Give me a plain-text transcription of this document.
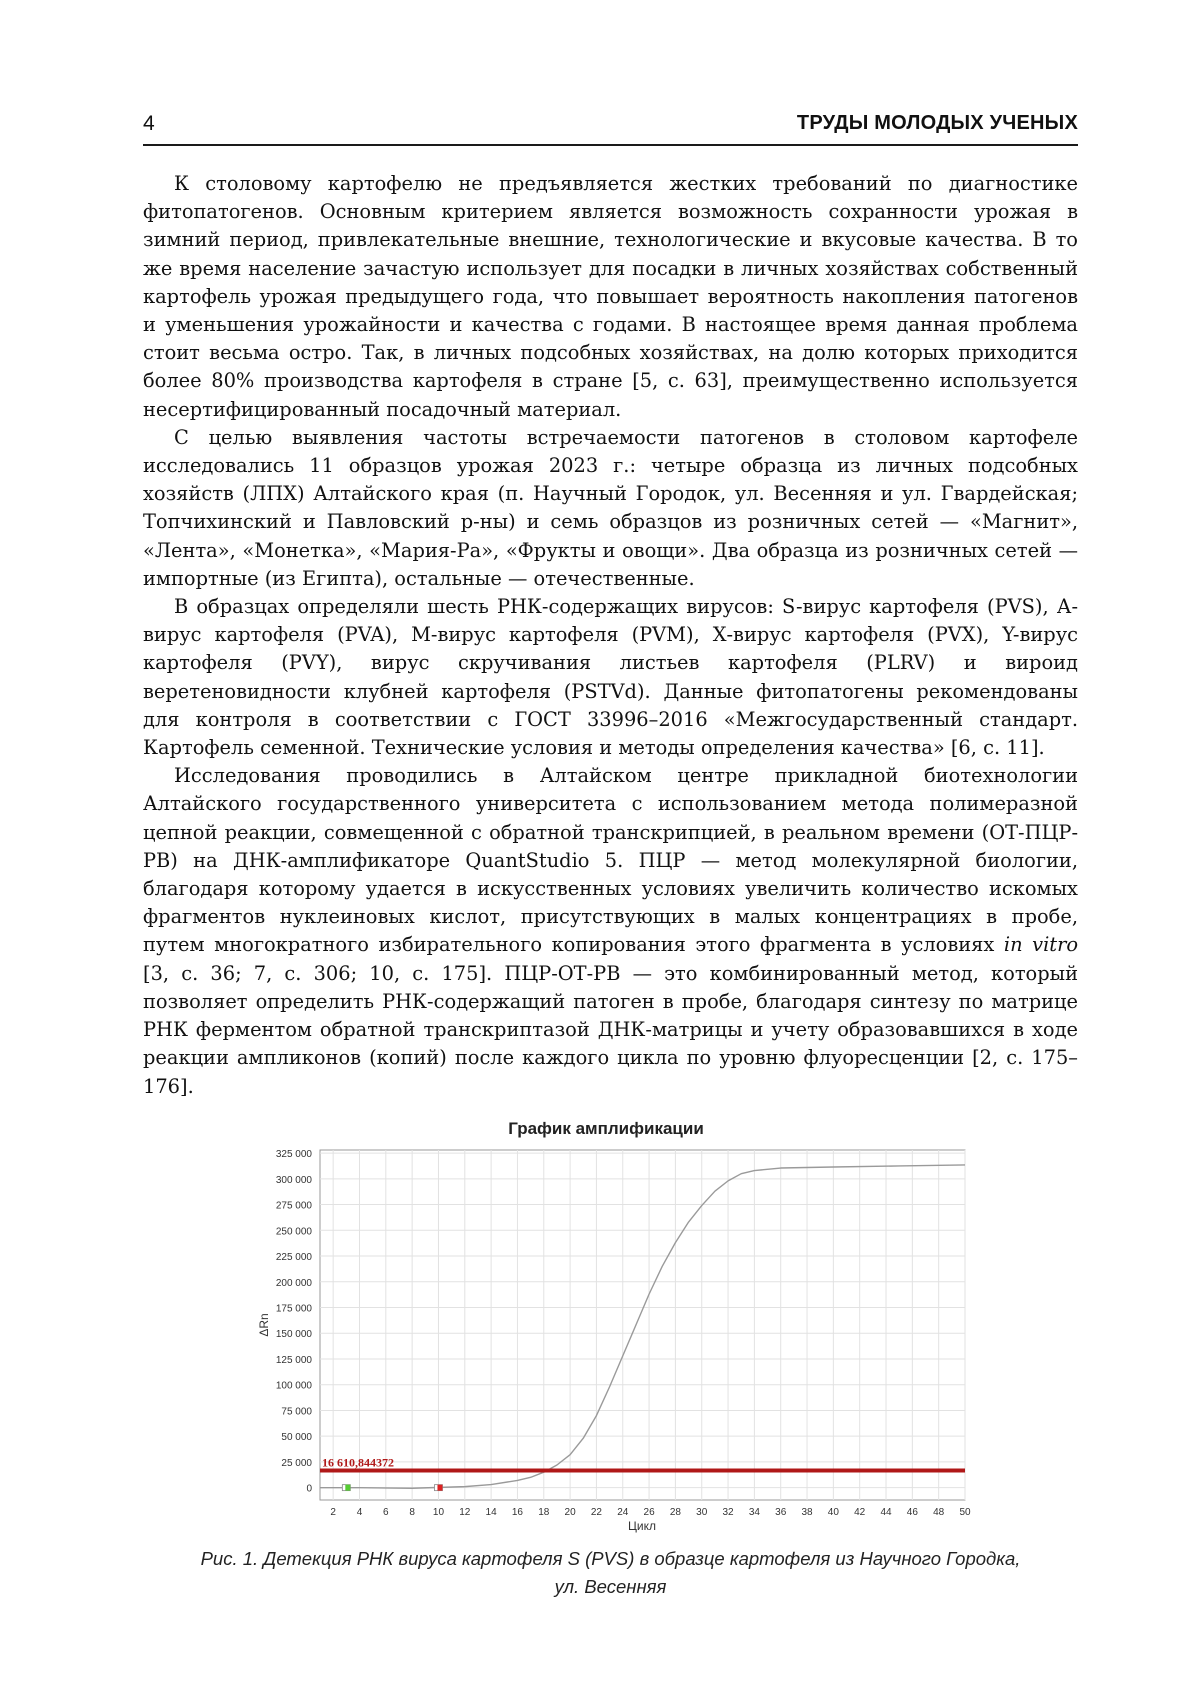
4	ТРУДЫ МОЛОДЫХ УЧЕНЫХ

К столовому картофелю не предъявляется жестких требований по диагностике фитопатогенов. Основным критерием является возможность сохранности урожая в зимний период, привлекательные внешние, технологические и вкусовые качества. В то же время население зачастую использует для посадки в личных хозяйствах собственный картофель урожая предыдущего года, что повышает вероятность накопления патогенов и уменьшения урожайности и качества с годами. В настоящее время данная проблема стоит весьма остро. Так, в личных подсобных хозяйствах, на долю которых приходится более 80% производства картофеля в стране [5, с. 63], преимущественно используется несертифицированный посадочный материал.

С целью выявления частоты встречаемости патогенов в столовом картофеле исследовались 11 образцов урожая 2023 г.: четыре образца из личных подсобных хозяйств (ЛПХ) Алтайского края (п. Научный Городок, ул. Весенняя и ул. Гвардейская; Топчихинский и Павловский р-ны) и семь образцов из розничных сетей — «Магнит», «Лента», «Монетка», «Мария-Ра», «Фрукты и овощи». Два образца из розничных сетей — импортные (из Египта), остальные — отечественные.

В образцах определяли шесть РНК-содержащих вирусов: S-вирус картофеля (PVS), А-вирус картофеля (PVA), М-вирус картофеля (PVM), Х-вирус картофеля (PVX), Y-вирус картофеля (PVY), вирус скручивания листьев картофеля (PLRV) и вироид веретеновидности клубней картофеля (PSTVd). Данные фитопатогены рекомендованы для контроля в соответствии с ГОСТ 33996–2016 «Межгосударственный стандарт. Картофель семенной. Технические условия и методы определения качества» [6, с. 11].

Исследования проводились в Алтайском центре прикладной биотехнологии Алтайского государственного университета с использованием метода полимеразной цепной реакции, совмещенной с обратной транскрипцией, в реальном времени (ОТ-ПЦР-РВ) на ДНК-амплификаторе QuantStudio 5. ПЦР — метод молекулярной биологии, благодаря которому удается в искусственных условиях увеличить количество искомых фрагментов нуклеиновых кислот, присутствующих в малых концентрациях в пробе, путем многократного избирательного копирования этого фрагмента в условиях in vitro [3, с. 36; 7, с. 306; 10, с. 175]. ПЦР-ОТ-РВ — это комбинированный метод, который позволяет определить РНК-содержащий патоген в пробе, благодаря синтезу по матрице РНК ферментом обратной транскриптазой ДНК-матрицы и учету образовавшихся в ходе реакции ампликонов (копий) после каждого цикла по уровню флуоресценции [2, с. 175–176].

График амплификации
325 000
300 000
275 000
250 000
225 000
200 000
175 000
150 000
125 000
100 000
75 000
50 000
25 000
0
2 4 6 8 10 12 14 16 18 20 22 24 26 28 30 32 34 36 38 40 42 44 46 48 50
16 610,844372
ΔRn
Цикл
Рис. 1. Детекция РНК вируса картофеля S (PVS) в образце картофеля из Научного Городка,
ул. Весенняя
